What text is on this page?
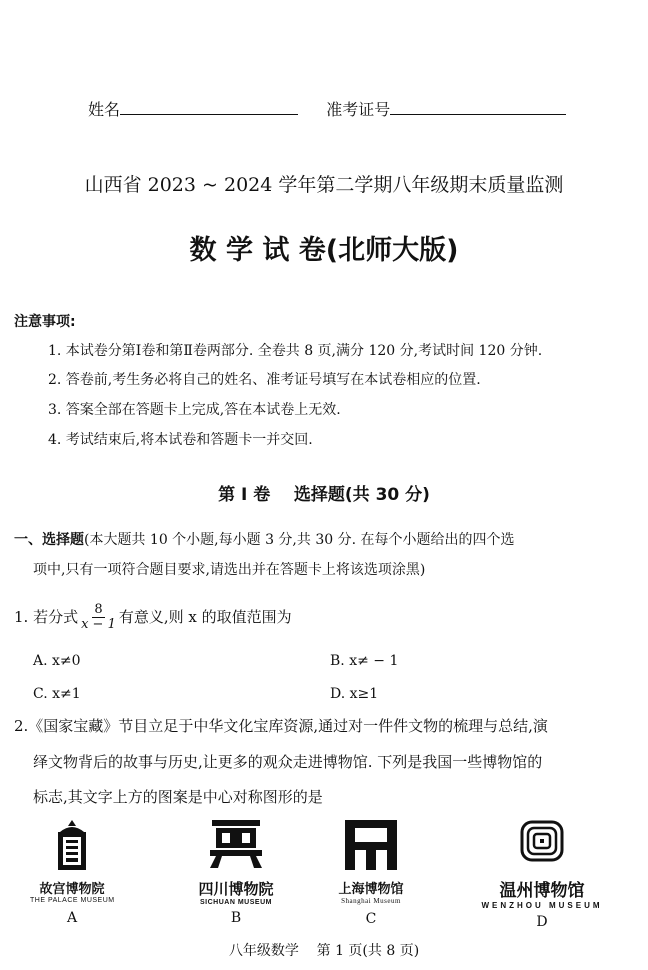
姓名	准考证号
山西省 2023 ~ 2024 学年第二学期八年级期末质量监测
数 学 试 卷(北师大版)
注意事项:
1. 本试卷分第Ⅰ卷和第Ⅱ卷两部分. 全卷共 8 页,满分 120 分,考试时间 120 分钟.
2. 答卷前,考生务必将自己的姓名、准考证号填写在本试卷相应的位置.
3. 答案全部在答题卡上完成,答在本试卷上无效.
4. 考试结束后,将本试卷和答题卡一并交回.
第 Ⅰ 卷    选择题(共 30 分)
一、选择题(本大题共 10 个小题,每小题 3 分,共 30 分. 在每个小题给出的四个选
项中,只有一项符合题目要求,请选出并在答题卡上将该选项涂黑)
1. 若分式 $\frac{8}{x - 1}$ 有意义,则 x 的取值范围为
A. x≠0	B. x≠ − 1
C. x≠1	D. x≥1
2.《国家宝藏》节目立足于中华文化宝库资源,通过对一件件文物的梳理与总结,演
绎文物背后的故事与历史,让更多的观众走进博物馆. 下列是我国一些博物馆的
标志,其文字上方的图案是中心对称图形的是
故宫博物院
THE PALACE MUSEUM
A
四川博物院
SICHUAN MUSEUM
B
上海博物馆
Shanghai Museum
C
温州博物馆
WENZHOU MUSEUM
D
八年级数学    第 1 页(共 8 页)
